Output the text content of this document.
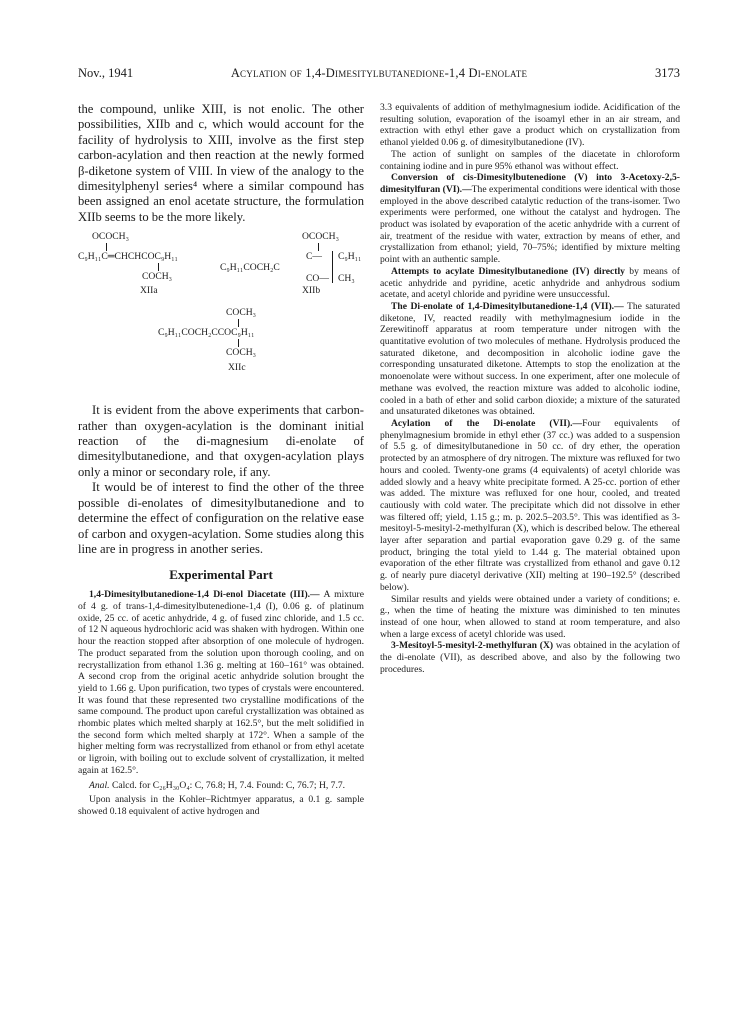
Nov., 1941	Acylation of 1,4-Dimesitylbutanedione-1,4 Di-enolate	3173

the compound, unlike XIII, is not enolic. The other possibilities, XIIb and c, which would account for the facility of hydrolysis to XIII, involve as the first step carbon-acylation and then reaction at the newly formed β-diketone system of VIII. In view of the analogy to the dimesitylphenyl series⁴ where a similar compound has been assigned an enol acetate structure, the formulation XIIb seems to be the more likely.

OCOCH₃
C₉H₁₁C═CHCHCOC₉H₁₁
COCH₃
XIIa
OCOCH₃
C—
C₉H₁₁COCH₂C
CO—
C₉H₁₁
CH₃
XIIb
COCH₃
C₉H₁₁COCH₂CCOC₉H₁₁
COCH₃
XIIc

It is evident from the above experiments that carbon- rather than oxygen-acylation is the dominant initial reaction of the di-magnesium di-enolate of dimesitylbutanedione, and that oxygen-acylation plays only a minor or secondary role, if any.

It would be of interest to find the other of the three possible di-enolates of dimesitylbutanedione and to determine the effect of configuration on the relative ease of carbon and oxygen-acylation. Some studies along this line are in progress in another series.

Experimental Part

1,4-Dimesitylbutanedione-1,4 Di-enol Diacetate (III).— A mixture of 4 g. of trans-1,4-dimesitylbutenedione-1,4 (I), 0.06 g. of platinum oxide, 25 cc. of acetic anhydride, 4 g. of fused zinc chloride, and 1.5 cc. of 12 N aqueous hydrochloric acid was shaken with hydrogen. Within one hour the reaction stopped after absorption of one molecule of hydrogen. The product separated from the solution upon thorough cooling, and on recrystallization from ethanol 1.36 g. melting at 160–161° was obtained. A second crop from the original acetic anhydride solution brought the yield to 1.66 g. Upon purification, two types of crystals were encountered. It was found that these represented two crystalline modifications of the same compound. The product upon careful crystallization was obtained as rhombic plates which melted sharply at 162.5°, but the melt solidified in the second form which melted sharply at 172°. When a sample of the higher melting form was recrystallized from ethanol or from ethyl acetate or ligroin, with boiling out to exclude solvent of crystallization, it melted again at 162.5°.

Anal. Calcd. for C₂₆H₃₀O₄: C, 76.8; H, 7.4. Found: C, 76.7; H, 7.7.

Upon analysis in the Kohler–Richtmyer apparatus, a 0.1 g. sample showed 0.18 equivalent of active hydrogen and

3.3 equivalents of addition of methylmagnesium iodide. Acidification of the resulting solution, evaporation of the isoamyl ether in an air stream, and extraction with ethyl ether gave a product which on crystallization from ethanol yielded 0.06 g. of dimesitylbutanedione (IV).

The action of sunlight on samples of the diacetate in chloroform containing iodine and in pure 95% ethanol was without effect.

Conversion of cis-Dimesitylbutenedione (V) into 3-Acetoxy-2,5-dimesitylfuran (VI).—The experimental conditions were identical with those employed in the above described catalytic reduction of the trans-isomer. Two experiments were performed, one without the catalyst and hydrogen. The product was isolated by evaporation of the acetic anhydride with a current of air, treatment of the residue with water, extraction by means of ether, and crystallization from ethanol; yield, 70–75%; identified by mixture melting point with an authentic sample.

Attempts to acylate Dimesitylbutanedione (IV) directly by means of acetic anhydride and pyridine, acetic anhydride and anhydrous sodium acetate, and acetyl chloride and pyridine were unsuccessful.

The Di-enolate of 1,4-Dimesitylbutanedione-1,4 (VII).— The saturated diketone, IV, reacted readily with methylmagnesium iodide in the Zerewitinoff apparatus at room temperature under nitrogen with the quantitative evolution of two molecules of methane. Hydrolysis produced the saturated diketone, and decomposition in alcoholic iodine gave the corresponding unsaturated diketone. Attempts to stop the enolization at the monoenolate were without success. In one experiment, after one molecule of methane was evolved, the reaction mixture was added to alcoholic iodine, cooled in a bath of ether and solid carbon dioxide; a mixture of the saturated and unsaturated diketones was obtained.

Acylation of the Di-enolate (VII).—Four equivalents of phenylmagnesium bromide in ethyl ether (37 cc.) was added to a suspension of 5.5 g. of dimesitylbutanedione in 50 cc. of dry ether, the operation protected by an atmosphere of dry nitrogen. The mixture was refluxed for two hours and cooled. Twenty-one grams (4 equivalents) of acetyl chloride was added slowly and a heavy white precipitate formed. A 25-cc. portion of ether was added. The mixture was refluxed for one hour, cooled, and treated cautiously with cold water. The precipitate which did not dissolve in ether was filtered off; yield, 1.15 g.; m. p. 202.5–203.5°. This was identified as 3-mesitoyl-5-mesityl-2-methylfuran (X), which is described below. The ethereal layer after separation and partial evaporation gave 0.29 g. of the same product, bringing the total yield to 1.44 g. The material obtained upon evaporation of the ether filtrate was crystallized from ethanol and gave 0.12 g. of nearly pure diacetyl derivative (XII) melting at 190–192.5° (described below).

Similar results and yields were obtained under a variety of conditions; e. g., when the time of heating the mixture was diminished to ten minutes instead of one hour, when allowed to stand at room temperature, and also when a large excess of acetyl chloride was used.

3-Mesitoyl-5-mesityl-2-methylfuran (X) was obtained in the acylation of the di-enolate (VII), as described above, and also by the following two procedures.
